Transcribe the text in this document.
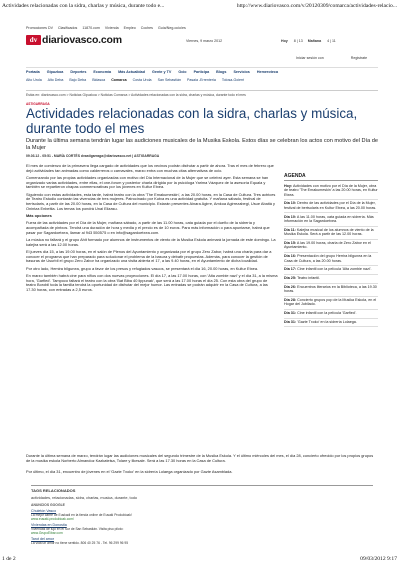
Actividades relacionadas con la sidra, charlas y música, durante todo e...	http://www.diariovasco.com/v/20120309/comarca/actividades-relacio...
Promociones DV Clasificados 11870.com Vivienda Empleo Coches Guía/Neg.ocio/es
dv diariovasco.com	Viernes, 9 marzo 2012	Hoy 8 | 13 Mañana 4 | 11
Iniciar sesión con	Registrate
Portada Gipuzkoa Deportes Economía Más Actualidad Gente y TV Ocio Participa Blogs Servicios Hemeroteca
Alto Urola Alto Deba Bajo Deba Bidasoa Comarca Costa Urola San Sebastián Pasaia -Errenteria Tolosa-Goierri
Estás en: diariovasco.com > Noticias Gipuzkoa > Noticias Comarca > Actividades relacionadas con la sidra, charlas y música, durante todo el mes
ASTIGARRAGA
Actividades relacionadas con la sidra, charlas y música, durante todo el mes
Durante la última semana tendrán lugar las audiciones musicales de la Musika Eskola. Estos días se celebran los actos con motivo del Día de la Mujer
09.03.12 - 05:51 - MARÍA CORTÉS dvastigarraga@diariovasco.net | ASTIGARRAGA

El mes de comienzo de la primavera llega cargado de actividades que los vecinos podrán disfrutar a partir de ahora. Tras el mes de febrero que dejó actividades tan animadas como calderreros o carnavales, marzo entra con muchas citas alternativas de ocio.

Comenzando por las propias actividades organizadas con motivo del Día Internacional de la Mujer que se celebró ayer. Esta semana se han organizado varias actividades, entre ellas, el one-forum y posterior charla dirigida por la psicóloga Yarima Vázquez de la asesoría Equala y también se repartieron chapas conmemorativas por los jóvenes en Kultur Etxea.

Siguiendo con estas actividades, esta tarde, habrá teatro con la obra 'The Emakumeskin', a las 20.00 horas, en la Casa de Cultura. Tres actrices de Teatro Estudio contarán las vivencias de tres mujeres. Patrocinado por Kutxa es una actividad gratuita. Y mañana sábado, festival de bertsolaris, a partir de las 20.00 horas, en la Casa de Cultura del municipio. Estarán presentes Ainara Agirre, Amkoa Agirrezabegi, Usue Abaitá y Onintza Enbeitia. Los temas los pondrá Unai Elizasu.

Más opciones

Fuera de las actividades por el Día de la Mujer, mañana sábado, a partir de las 11.00 horas, cata guiada por el dueño de la sidrería y acompañada de pintxos. Tendrá una duración de hora y media y el precio es de 10 euros. Para más información o para apuntarse, habrá que pasar por Sagardoetxea, llamar al 943 550575 o en info@sagardoetxea.com.

La música no faltará y el grupo Ahit formado por alumnos de instrumentos de viento de la Musika Eskola animará la jornada de este domingo. La kalejira será a las 12.00 horas.

El jueves día 15, a las 19.00 horas, en el salón de Plenos del Ayuntamiento y organizada por el grupo Zero Zabor, habrá una charla para dar a conocer el programa que han preparado para solucionar el problema de la basura y debatir propuestas. Además, para conocer la gestión de basuras de Usurbil el grupo Zero Zabor ha organizado una visita abierta el 17, a las 9.40 horas, en el Ayuntamiento de dicha localidad.

Por otro lado, Hemira bilguneа, grupo a favor de los presos y refugiados vascos, se presentará el día 16, 20.00 horas, en Kultur Etxea.

En marzo también habrá cine para niños con dos nuevas proyecciones. El día 17, a las 17.00 horas, con 'Alta zombie nazi' y el día 31, a la misma hora, 'Garfied'. Tampoco faltará el teatro con la obra 'Bat Biba 40 lippunak', que será a las 17.00 horas el día 25. Con esta obra del grupo de teatro Borobil toda la familia tendrá la oportunidad de disfrutar del mejor humor. Las entradas se podrán adquirir en la Casa de Cultura, a las 17.30 horas, con entradas a 2,5 euros.

AGENDA
Hoy: Actividades con motivo por el Día de la Mujer, obra de teatro 'The Emakumeskin' a las 20.00 horas, en Kultur Etxea.
Día 10: Dentro de las actividades por el Día de la Mujer, festival de bertsolaris en Kultur Etxea, a las 20.00 horas.
Día 10: A las 11.00 horas, cata guiada en sidrería. Más información en la Sagardoetxea.
Día 11: Kalejira musical de los alumnos de viento de la Musika Eskola. Será a partir de las 12.00 horas.
Día 15: A las 19.00 horas, charla de Zero Zabor en el Ayuntamiento.
Día 16: Presentación del grupo Herrira bilgunea en la Casa de Cultura, a las 20.00 horas.
Día 17: Cine infantil con la película 'Alta zombie nazi'.
Día 25: Teatro infantil.
Día 26: Encuentros literarios en la Biblioteca, a las 19.30 horas.
Día 28: Concierto grupos pop de la Musika Eskola, en el Hogar del Jubilado.
Día 31: Cine infantil con la película 'Garfied'.
Día 31: 'Gazte Txoko' en la sidrería Lolaega.

Durante la última semana de marzo, tendrán lugar las audiciones musicales del segundo trimestre de la Musika Eskola. Y el último miércoles del mes, el día 28, concierto ofrecido por los propios grupos de la musika eskola Norberto Almandoz Kazkateisa, Tolare y Ilkesale. Será a las 17.30 horas en la Casa de Cultura.

Por último, el día 31, encuentro de jóvenes en el 'Gazte Txoko' en la sidrería Lolaega organizado por Gazte Asamblada.

TAGS RELACIONADOS
actividades, relacionadas, sidra, charlas, musica, durante, todo
ANUNCIOS GOOGLE
Chuletón Vasco
La mejor carne de Euskadi en la tienda online de Eusaki Produktoak!
www.eusaki-produktoak.com/
Viviendas en Donostia
Viviendas de lujo en el Sur de San Sebastián. Visita piso piloto:
www.GrupoEibar.com
Tarot del amor
La vida un amor no tiene sentido. 806 40 25 76 - Tel. 96 299 96 95
1 de 2	09/03/2012 9:17
